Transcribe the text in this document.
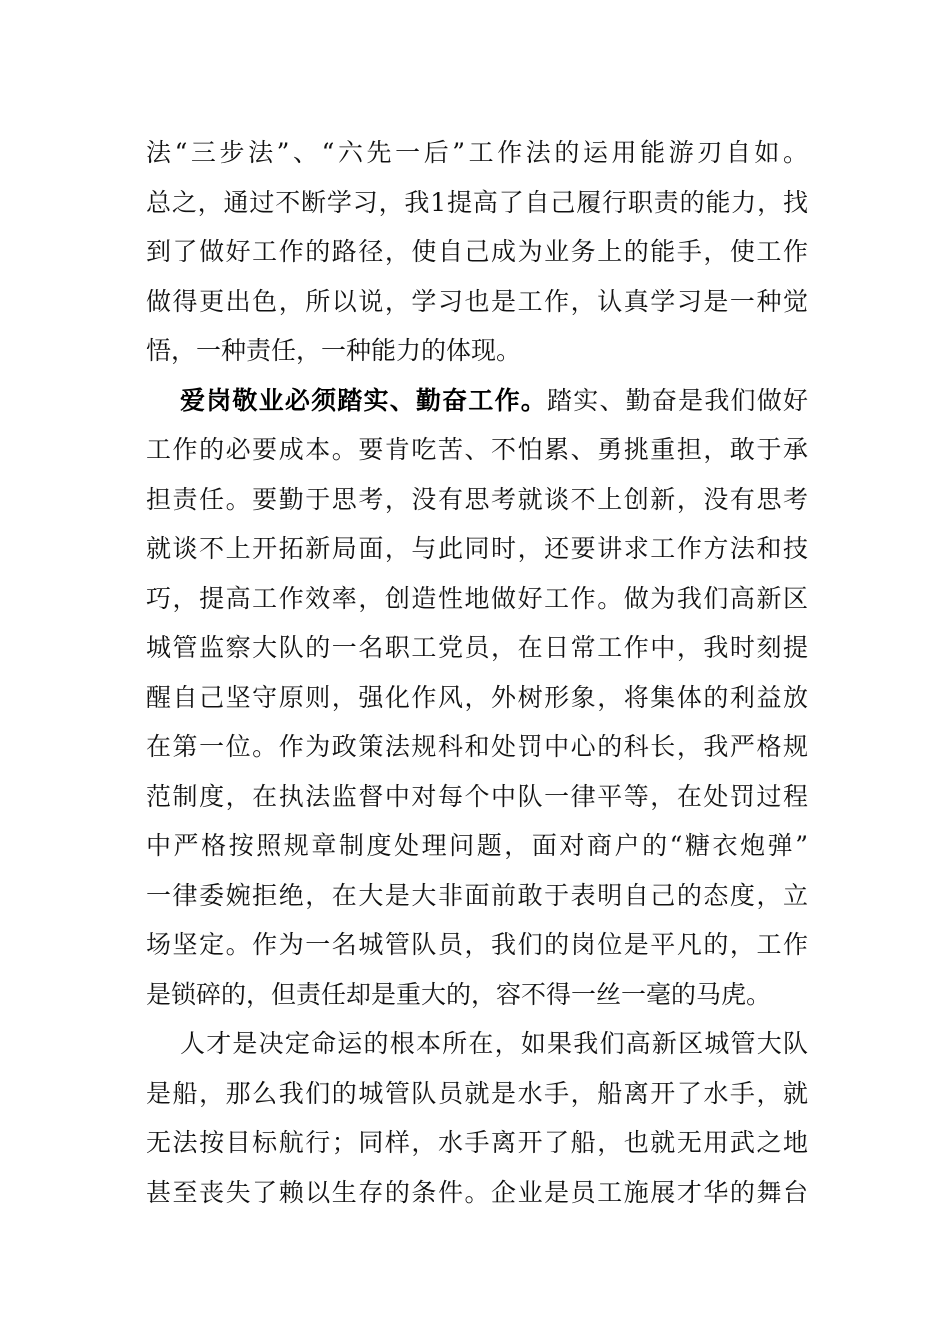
法“三步法”、“六先一后”工作法的运用能游刃自如。
总之，通过不断学习，我1提高了自己履行职责的能力，找
到了做好工作的路径，使自己成为业务上的能手，使工作
做得更出色，所以说，学习也是工作，认真学习是一种觉
悟，一种责任，一种能力的体现。
爱岗敬业必须踏实、勤奋工作。踏实、勤奋是我们做好
工作的必要成本。要肯吃苦、不怕累、勇挑重担，敢于承
担责任。要勤于思考，没有思考就谈不上创新，没有思考
就谈不上开拓新局面，与此同时，还要讲求工作方法和技
巧，提高工作效率，创造性地做好工作。做为我们高新区
城管监察大队的一名职工党员，在日常工作中，我时刻提
醒自己坚守原则，强化作风，外树形象，将集体的利益放
在第一位。作为政策法规科和处罚中心的科长，我严格规
范制度，在执法监督中对每个中队一律平等，在处罚过程
中严格按照规章制度处理问题，面对商户的“糖衣炮弹”
一律委婉拒绝，在大是大非面前敢于表明自己的态度，立
场坚定。作为一名城管队员，我们的岗位是平凡的，工作
是锁碎的，但责任却是重大的，容不得一丝一毫的马虎。
人才是决定命运的根本所在，如果我们高新区城管大队
是船，那么我们的城管队员就是水手，船离开了水手，就
无法按目标航行；同样，水手离开了船，也就无用武之地
甚至丧失了赖以生存的条件。企业是员工施展才华的舞台
